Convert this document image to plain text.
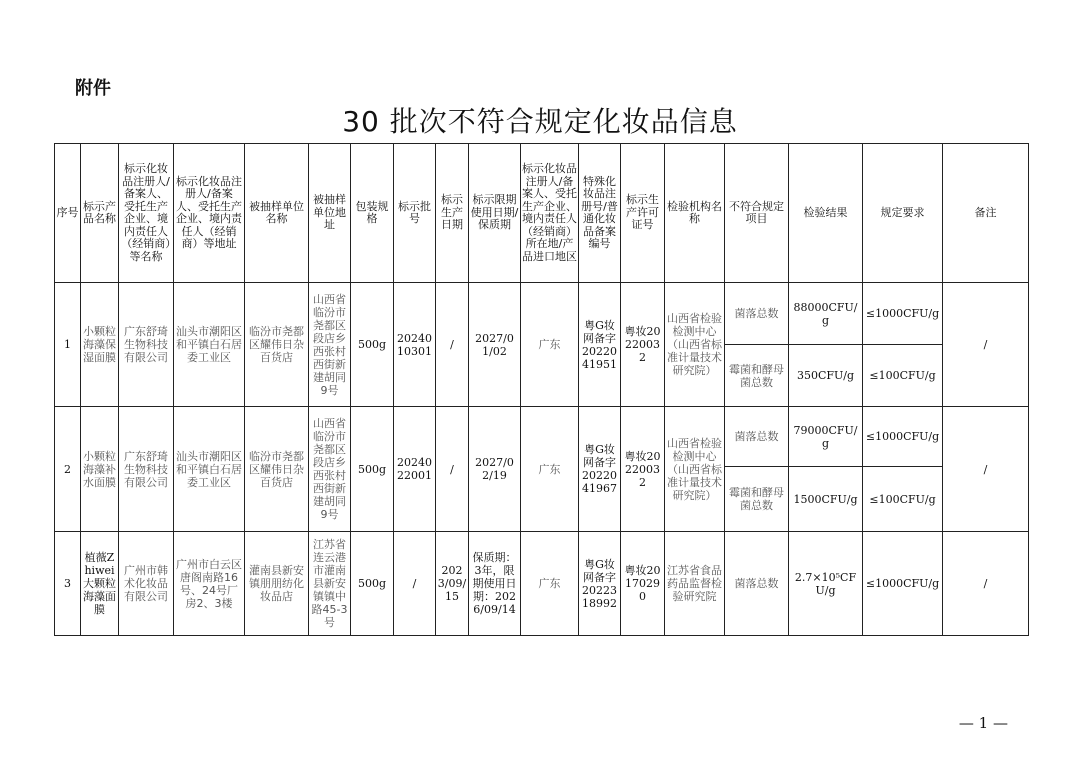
附件
30 批次不符合规定化妆品信息
序号	标示产品名称	标示化妆品注册人/备案人、受托生产企业、境内责任人（经销商）等名称	标示化妆品注册人/备案人、受托生产企业、境内责任人（经销商）等地址	被抽样单位名称	被抽样单位地址	包装规格	标示批号	标示生产日期	标示限期使用日期/保质期	标示化妆品注册人/备案人、受托生产企业、境内责任人（经销商）所在地/产品进口地区	特殊化妆品注册号/普通化妆品备案编号	标示生产许可证号	检验机构名称	不符合规定项目	检验结果	规定要求	备注
1	小颗粒海藻保湿面膜	广东舒琦生物科技有限公司	汕头市潮阳区和平镇白石居委工业区	临汾市尧都区耀伟日杂百货店	山西省临汾市尧都区段店乡西张村西街新建胡同9号	500g	2024010301	/	2027/01/02	广东	粤G妆网备字2022041951	粤妆20220032	山西省检验检测中心（山西省标准计量技术研究院）	菌落总数	88000CFU/g	≤1000CFU/g	/
														霉菌和酵母菌总数	350CFU/g	≤100CFU/g	
2	小颗粒海藻补水面膜	广东舒琦生物科技有限公司	汕头市潮阳区和平镇白石居委工业区	临汾市尧都区耀伟日杂百货店	山西省临汾市尧都区段店乡西张村西街新建胡同9号	500g	2024022001	/	2027/02/19	广东	粤G妆网备字2022041967	粤妆20220032	山西省检验检测中心（山西省标准计量技术研究院）	菌落总数	79000CFU/g	≤1000CFU/g	/
														霉菌和酵母菌总数	1500CFU/g	≤100CFU/g	
3	植薇Zhiwei大颗粒海藻面膜	广州市韩术化妆品有限公司	广州市白云区唐阁南路16号、24号厂房2、3楼	灌南县新安镇朋朋纺化妆品店	江苏省连云港市灌南县新安镇镇中路45-3号	500g	/	2023/09/15	保质期：3年，限期使用日期：2026/09/14	广东	粤G妆网备字2022318992	粤妆20170290	江苏省食品药品监督检验研究院	菌落总数	2.7×10⁵CFU/g	≤1000CFU/g	/
— 1 —
